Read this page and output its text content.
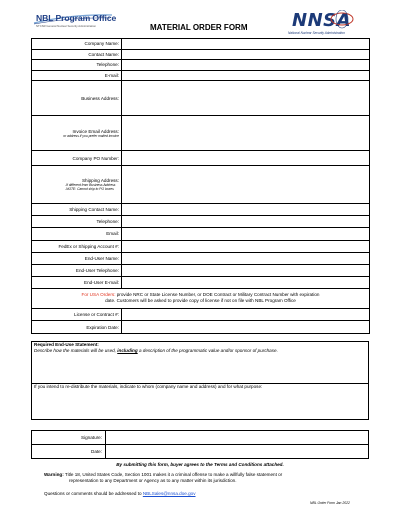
NBL Program Office
NTCSR General Nuclear Security Administration	MATERIAL ORDER FORM NNSA
National Nuclear Security Administration
Company Name:	
Contact Name:	
Telephone:	
E-mail:	
Business Address:	
Invoice Email Address:
or address if you prefer mailed invoice	

Company PO Number:	
Shipping Address:
-If different from Business Address
-NOTE: Cannot ship to PO boxes	

Shipping Contact Name:	
Telephone:	
Email:	
FedEx or Shipping Account #:	
End-User Name:	
End-User Telephone:	
End-User E-mail:	
For USA Orders: provide NRC or State License Number, or DOE Contract or Military Contract Number with expiration
date. Customers will be asked to provide copy of license if not on file with NBL Program Office	
License or Contract #:	
Expiration Date:	
Required End-Use Statement:
Describe how the materials will be used, including a description of the programmatic value and/or sponsor of purchase.

If you intend to re-distribute the materials, indicate to whom (company name and address) and for what purpose:
Signature:	
Date:	
By submitting this form, buyer agrees to the Terms and Conditions attached.
Warning: Title 18, United States Code, Section 1001 makes it a criminal offense to make a willfully false statement or
representation to any Department or Agency as to any matter within its jurisdiction.
Questions or comments should be addressed to NBLSales@nnsa.doe.gov
NBL Order Form Jan 2022
